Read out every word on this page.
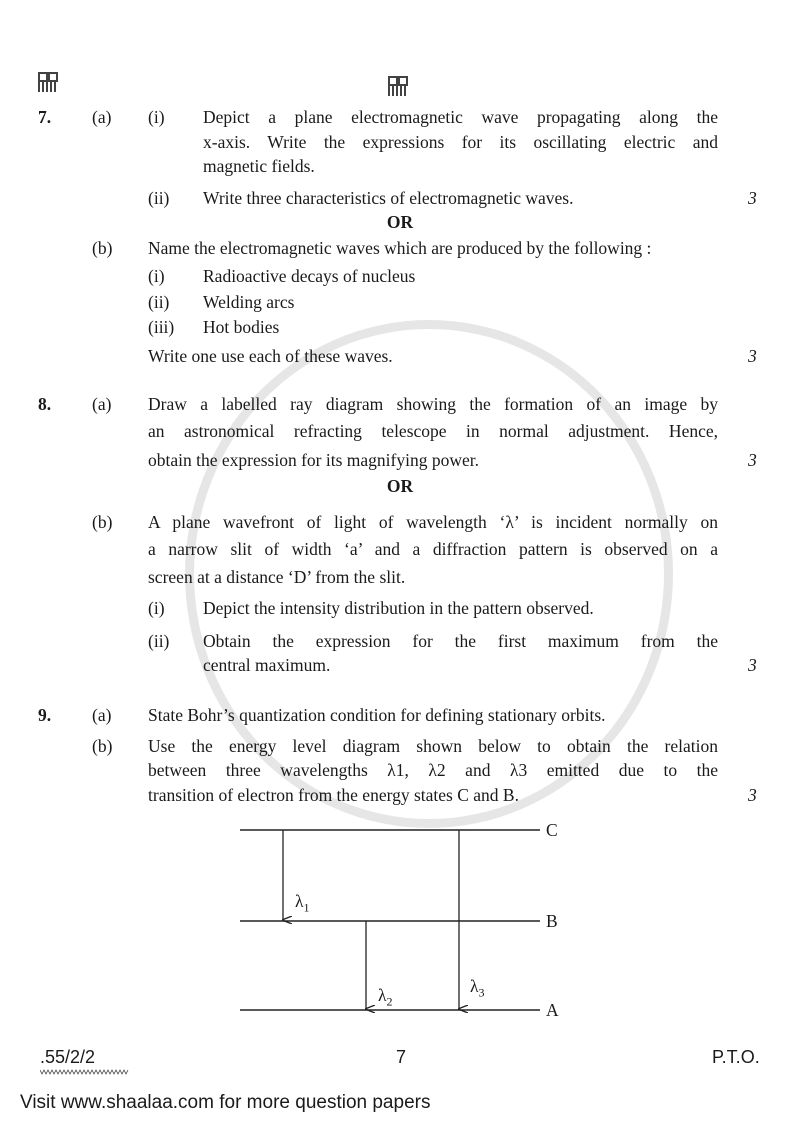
7. (a) (i) Depict a plane electromagnetic wave propagating along the
x-axis. Write the expressions for its oscillating electric and
magnetic fields.
(ii) Write three characteristics of electromagnetic waves.	3
OR
(b) Name the electromagnetic waves which are produced by the following :
(i) Radioactive decays of nucleus
(ii) Welding arcs
(iii) Hot bodies
Write one use each of these waves.	3
8. (a) Draw a labelled ray diagram showing the formation of an image by
an astronomical refracting telescope in normal adjustment. Hence,
obtain the expression for its magnifying power.	3
OR
(b) A plane wavefront of light of wavelength ‘λ’ is incident normally on
a narrow slit of width ‘a’ and a diffraction pattern is observed on a
screen at a distance ‘D’ from the slit.
(i) Depict the intensity distribution in the pattern observed.
(ii) Obtain the expression for the first maximum from the
central maximum.	3
9. (a) State Bohr’s quantization condition for defining stationary orbits.
(b) Use the energy level diagram shown below to obtain the relation
between three wavelengths λ1, λ2 and λ3 emitted due to the
transition of electron from the energy states C and B.	3
C
B
A
$\lambda_1$
$\lambda_2$
$\lambda_3$
.55/2/2	7	P.T.O.
Visit www.shaalaa.com for more question papers
